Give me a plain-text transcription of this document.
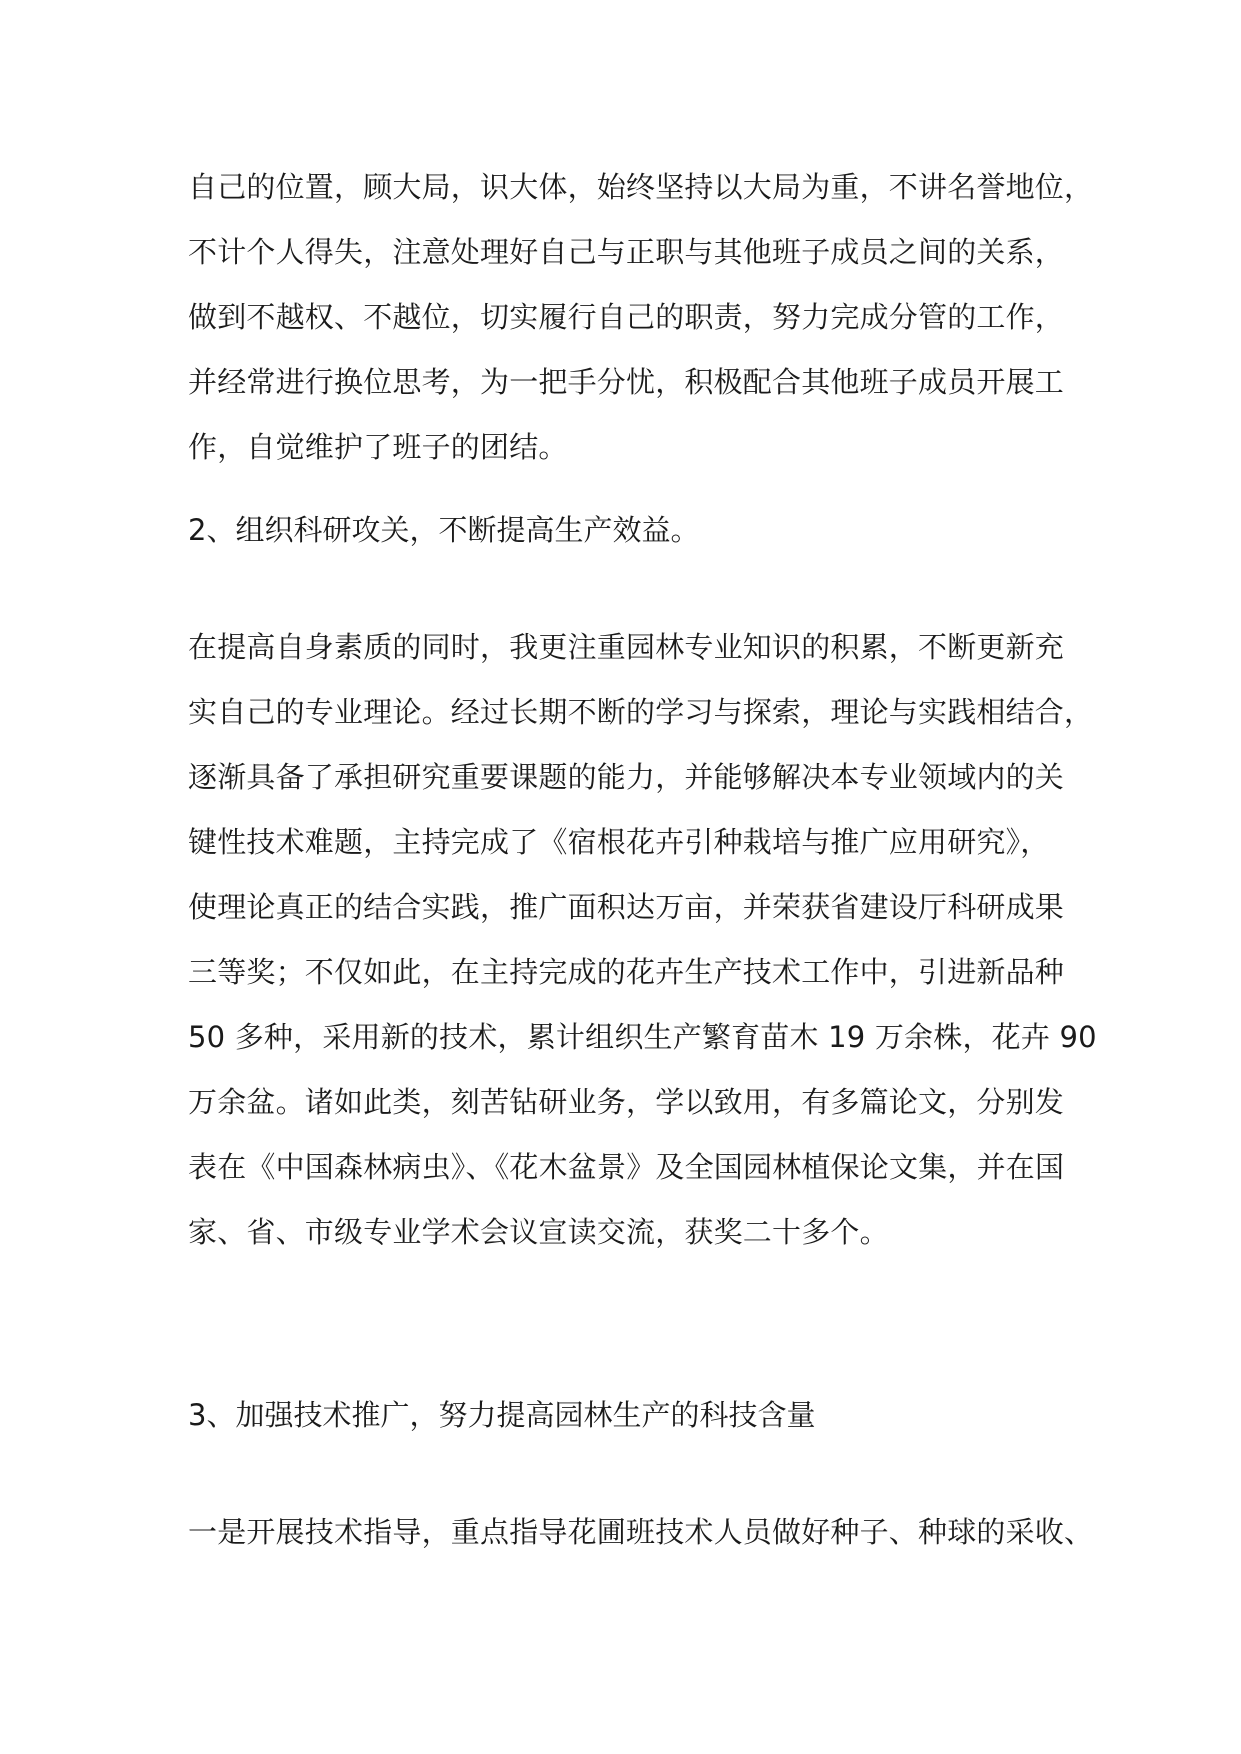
自己的位置，顾大局，识大体，始终坚持以大局为重，不讲名誉地位，
不计个人得失，注意处理好自己与正职与其他班子成员之间的关系，
做到不越权、不越位，切实履行自己的职责，努力完成分管的工作，
并经常进行换位思考，为一把手分忧，积极配合其他班子成员开展工
作，自觉维护了班子的团结。
2、组织科研攻关，不断提高生产效益。
在提高自身素质的同时，我更注重园林专业知识的积累，不断更新充
实自己的专业理论。经过长期不断的学习与探索，理论与实践相结合，
逐渐具备了承担研究重要课题的能力，并能够解决本专业领域内的关
键性技术难题，主持完成了《宿根花卉引种栽培与推广应用研究》，
使理论真正的结合实践，推广面积达万亩，并荣获省建设厅科研成果
三等奖；不仅如此，在主持完成的花卉生产技术工作中，引进新品种
50 多种，采用新的技术，累计组织生产繁育苗木 19 万余株，花卉 90
万余盆。诸如此类，刻苦钻研业务，学以致用，有多篇论文，分别发
表在《中国森林病虫》、《花木盆景》及全国园林植保论文集，并在国
家、省、市级专业学术会议宣读交流，获奖二十多个。
3、加强技术推广，努力提高园林生产的科技含量
一是开展技术指导，重点指导花圃班技术人员做好种子、种球的采收、
